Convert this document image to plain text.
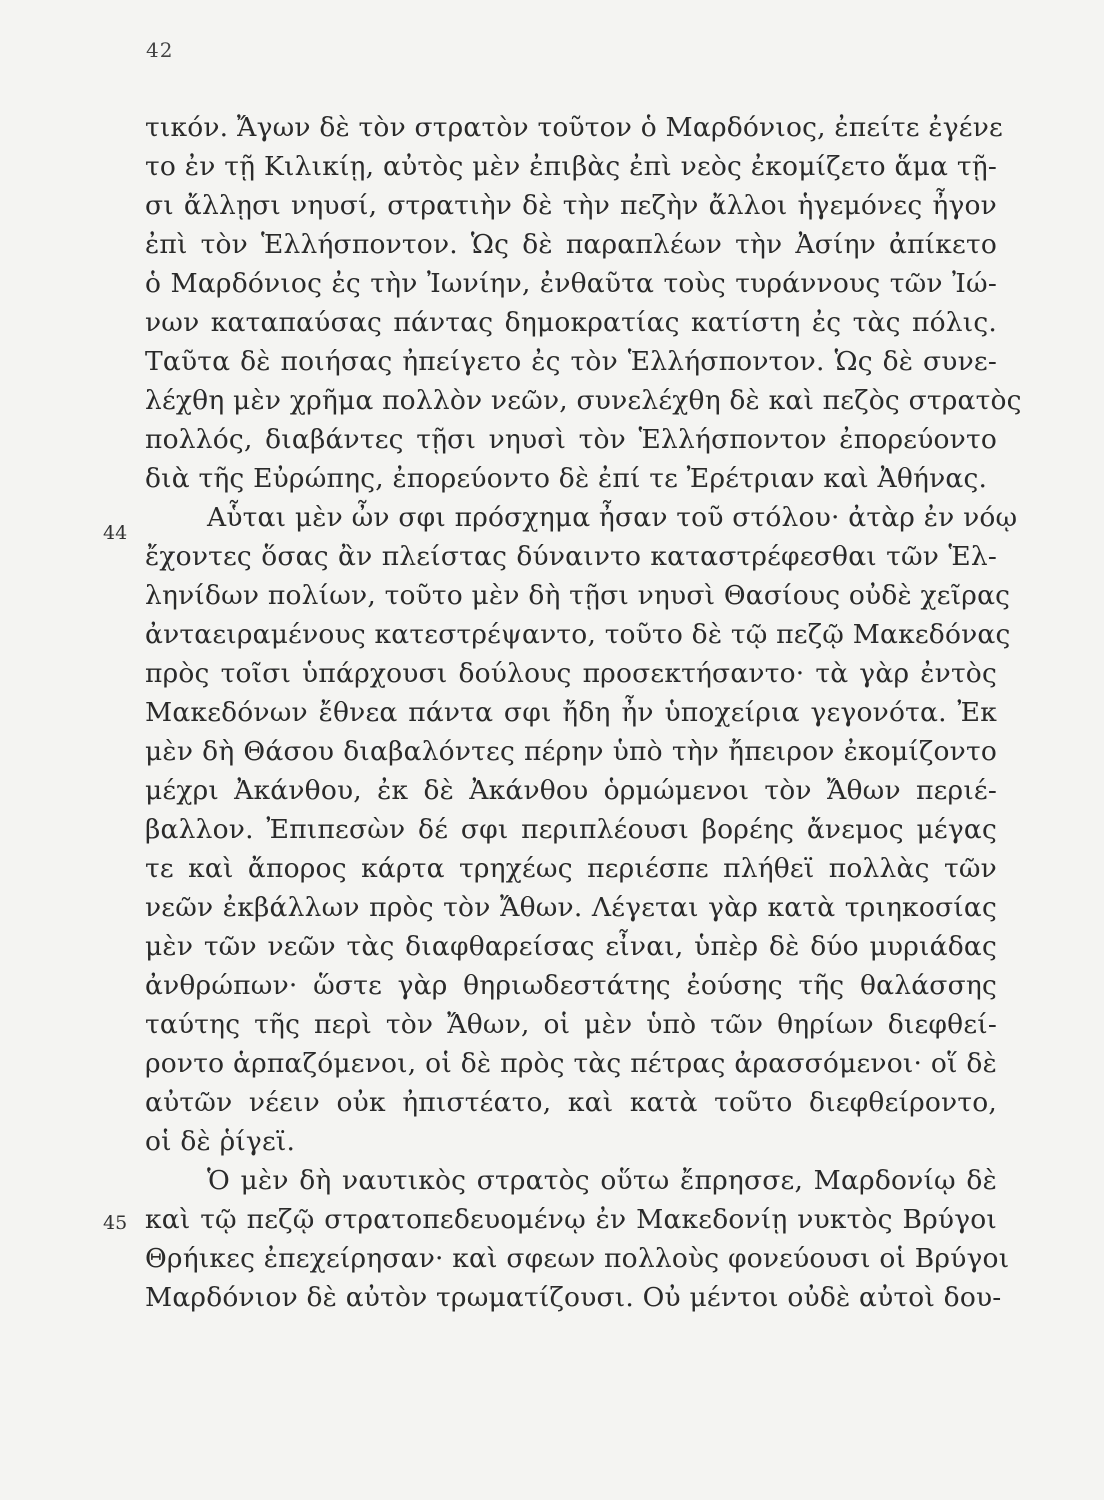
42
44
45
τικόν. Ἄγων δὲ τὸν στρατὸν τοῦτον ὁ Μαρδόνιος, ἐπείτε ἐγένε
το ἐν τῇ Κιλικίῃ, αὐτὸς μὲν ἐπιβὰς ἐπὶ νεὸς ἐκομίζετο ἅμα τῇ-
σι ἄλλῃσι νηυσί, στρατιὴν δὲ τὴν πεζὴν ἄλλοι ἡγεμόνες ἦγον
ἐπὶ τὸν Ἑλλήσποντον. Ὡς δὲ παραπλέων τὴν Ἀσίην ἀπίκετο
ὁ Μαρδόνιος ἐς τὴν Ἰωνίην, ἐνθαῦτα τοὺς τυράννους τῶν Ἰώ-
νων καταπαύσας πάντας δημοκρατίας κατίστη ἐς τὰς πόλις.
Ταῦτα δὲ ποιήσας ἠπείγετο ἐς τὸν Ἑλλήσποντον. Ὡς δὲ συνε-
λέχθη μὲν χρῆμα πολλὸν νεῶν, συνελέχθη δὲ καὶ πεζὸς στρατὸς
πολλός, διαβάντες τῇσι νηυσὶ τὸν Ἑλλήσποντον ἐπορεύοντο
διὰ τῆς Εὐρώπης, ἐπορεύοντο δὲ ἐπί τε Ἐρέτριαν καὶ Ἀθήνας.
Αὗται μὲν ὦν σφι πρόσχημα ἦσαν τοῦ στόλου· ἀτὰρ ἐν νόῳ
ἔχοντες ὅσας ἂν πλείστας δύναιντο καταστρέφεσθαι τῶν Ἑλ-
ληνίδων πολίων, τοῦτο μὲν δὴ τῇσι νηυσὶ Θασίους οὐδὲ χεῖρας
ἀνταειραμένους κατεστρέψαντο, τοῦτο δὲ τῷ πεζῷ Μακεδόνας
πρὸς τοῖσι ὑπάρχουσι δούλους προσεκτήσαντο· τὰ γὰρ ἐντὸς
Μακεδόνων ἔθνεα πάντα σφι ἤδη ἦν ὑποχείρια γεγονότα. Ἐκ
μὲν δὴ Θάσου διαβαλόντες πέρην ὑπὸ τὴν ἤπειρον ἐκομίζοντο
μέχρι Ἀκάνθου, ἐκ δὲ Ἀκάνθου ὁρμώμενοι τὸν Ἄθων περιέ-
βαλλον. Ἐπιπεσὼν δέ σφι περιπλέουσι βορέης ἄνεμος μέγας
τε καὶ ἄπορος κάρτα τρηχέως περιέσπε πλήθεϊ πολλὰς τῶν
νεῶν ἐκβάλλων πρὸς τὸν Ἄθων. Λέγεται γὰρ κατὰ τριηκοσίας
μὲν τῶν νεῶν τὰς διαφθαρείσας εἶναι, ὑπὲρ δὲ δύο μυριάδας
ἀνθρώπων· ὥστε γὰρ θηριωδεστάτης ἐούσης τῆς θαλάσσης
ταύτης τῆς περὶ τὸν Ἄθων, οἱ μὲν ὑπὸ τῶν θηρίων διεφθεί-
ροντο ἁρπαζόμενοι, οἱ δὲ πρὸς τὰς πέτρας ἀρασσόμενοι· οἵ δὲ
αὐτῶν νέειν οὐκ ἠπιστέατο, καὶ κατὰ τοῦτο διεφθείροντο,
οἱ δὲ ῥίγεϊ.
Ὁ μὲν δὴ ναυτικὸς στρατὸς οὕτω ἔπρησσε, Μαρδονίῳ δὲ
καὶ τῷ πεζῷ στρατοπεδευομένῳ ἐν Μακεδονίῃ νυκτὸς Βρύγοι
Θρήικες ἐπεχείρησαν· καὶ σφεων πολλοὺς φονεύουσι οἱ Βρύγοι
Μαρδόνιον δὲ αὐτὸν τρωματίζουσι. Οὐ μέντοι οὐδὲ αὐτοὶ δου-
